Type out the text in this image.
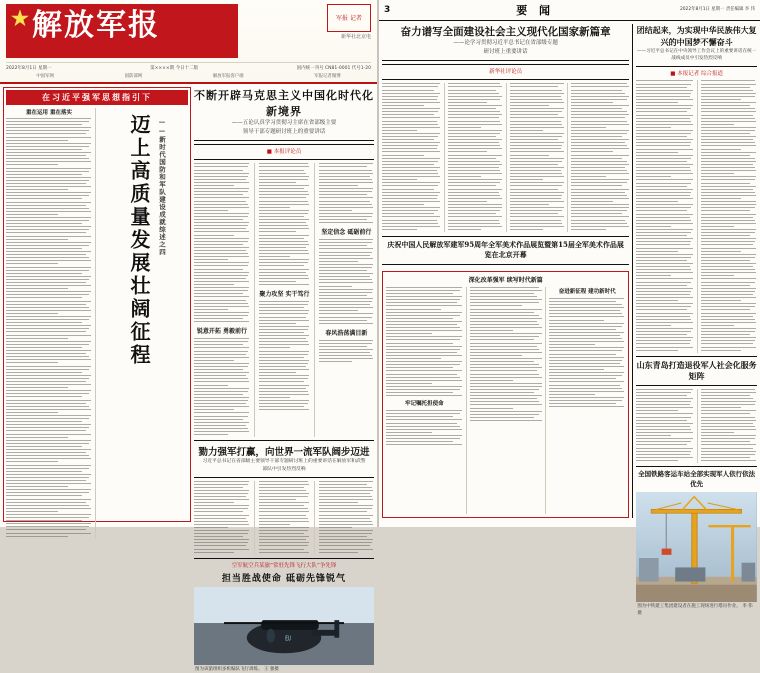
解放军报	军报 记者
新华社北京电
2022年8月1日 星期一	第××××期 今日十二版	国内统一刊号 CN81-0001 代号1-20
中国军网	国防部网	解放军报客户端	军报记者微博
在习近平强军思想指引下
重在运用 重在落实
迈上高质量发展壮阔征程	——新时代国防和军队建设成就综述之四
不断开辟马克思主义中国化时代化新境界
——五论认真学习贯彻习主席在省部级主要
领导干部专题研讨班上的重要讲话
■ 本报评论员
锐意开拓 勇毅前行
聚力攻坚 实干笃行
坚定信念 砥砺前行
春风浩荡满目新
勠力强军打赢，向世界一流军队阔步迈进
习近平总书记在省部级主要领导干部专题研讨班上的重要讲话在解放军和武警部队中引发热烈反响
空军航空兵某旅“常驻先锋飞行大队”争先锋
担当胜战使命 砥砺先锋锐气
EU
图为该旅组织多机编队飞行训练。 王 强摄
3	要 闻	2022年8月1日 星期一 责任编辑 李 伟
奋力谱写全面建设社会主义现代化国家新篇章
——论学习贯彻习近平总书记在省部级专题
研讨班上重要讲话
新华社评论员
庆祝中国人民解放军建军95周年全军美术作品展览暨第15届全军美术作品展览在北京开幕
深化改革强军 续写时代新篇
牢记嘱托担使命
奋进新征程 建功新时代
团结起来，为实现中华民族伟大复兴的中国梦不懈奋斗
——习近平总书记在中央领导工作会议上的重要讲话在统一战线成员中引发热烈反响
■ 本报记者 综合报道
山东青岛打造退役军人社会化服务矩阵
全国铁路客运车站全部实现军人依行依法优先
图为中铁建工集团建设者在施工现场进行塔吊作业。 李 伟摄
